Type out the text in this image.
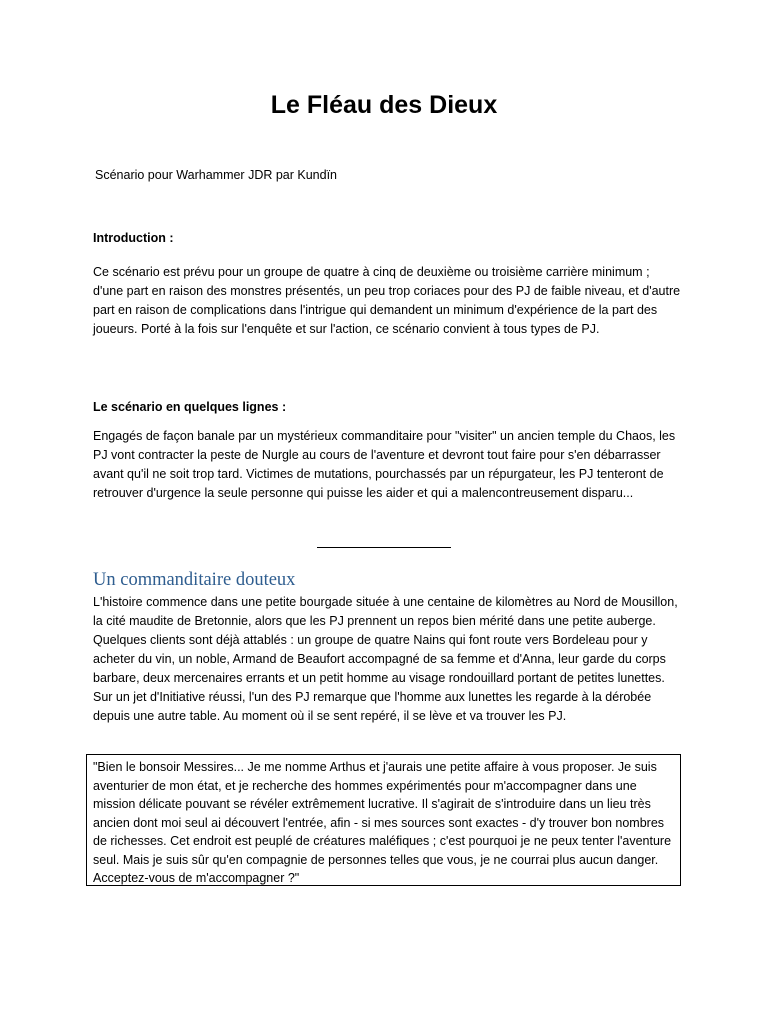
Le Fléau des Dieux
Scénario pour Warhammer JDR par Kundïn
Introduction :
Ce scénario est prévu pour un groupe de quatre à cinq de deuxième ou troisième carrière minimum ; d'une part en raison des monstres présentés, un peu trop coriaces pour des PJ de faible niveau, et d'autre part en raison de complications dans l'intrigue qui demandent un minimum d'expérience de la part des joueurs. Porté à la fois sur l'enquête et sur l'action, ce scénario convient à tous types de PJ.
Le scénario en quelques lignes :
Engagés de façon banale par un mystérieux commanditaire pour "visiter" un ancien temple du Chaos, les PJ vont contracter la peste de Nurgle au cours de l'aventure et devront tout faire pour s'en débarrasser avant qu'il ne soit trop tard. Victimes de mutations, pourchassés par un répurgateur, les PJ tenteront de retrouver d'urgence la seule personne qui puisse les aider et qui a malencontreusement disparu...
Un commanditaire douteux
L'histoire commence dans une petite bourgade située à une centaine de kilomètres au Nord de Mousillon, la cité maudite de Bretonnie, alors que les PJ prennent un repos bien mérité dans une petite auberge. Quelques clients sont déjà attablés : un groupe de quatre Nains qui font route vers Bordeleau pour y acheter du vin, un noble, Armand de Beaufort accompagné de sa femme et d'Anna, leur garde du corps barbare, deux mercenaires errants et un petit homme au visage rondouillard portant de petites lunettes. Sur un jet d'Initiative réussi, l'un des PJ remarque que l'homme aux lunettes les regarde à la dérobée depuis une autre table. Au moment où il se sent repéré, il se lève et va trouver les PJ.
"Bien le bonsoir Messires... Je me nomme Arthus et j'aurais une petite affaire à vous proposer. Je suis aventurier de mon état, et je recherche des hommes expérimentés pour m'accompagner dans une mission délicate pouvant se révéler extrêmement lucrative. Il s'agirait de s'introduire dans un lieu très ancien dont moi seul ai découvert l'entrée, afin - si mes sources sont exactes - d'y trouver bon nombres de richesses. Cet endroit est peuplé de créatures maléfiques ; c'est pourquoi je ne peux tenter l'aventure seul. Mais je suis sûr qu'en compagnie de personnes telles que vous, je ne courrai plus aucun danger. Acceptez-vous de m'accompagner ?"
